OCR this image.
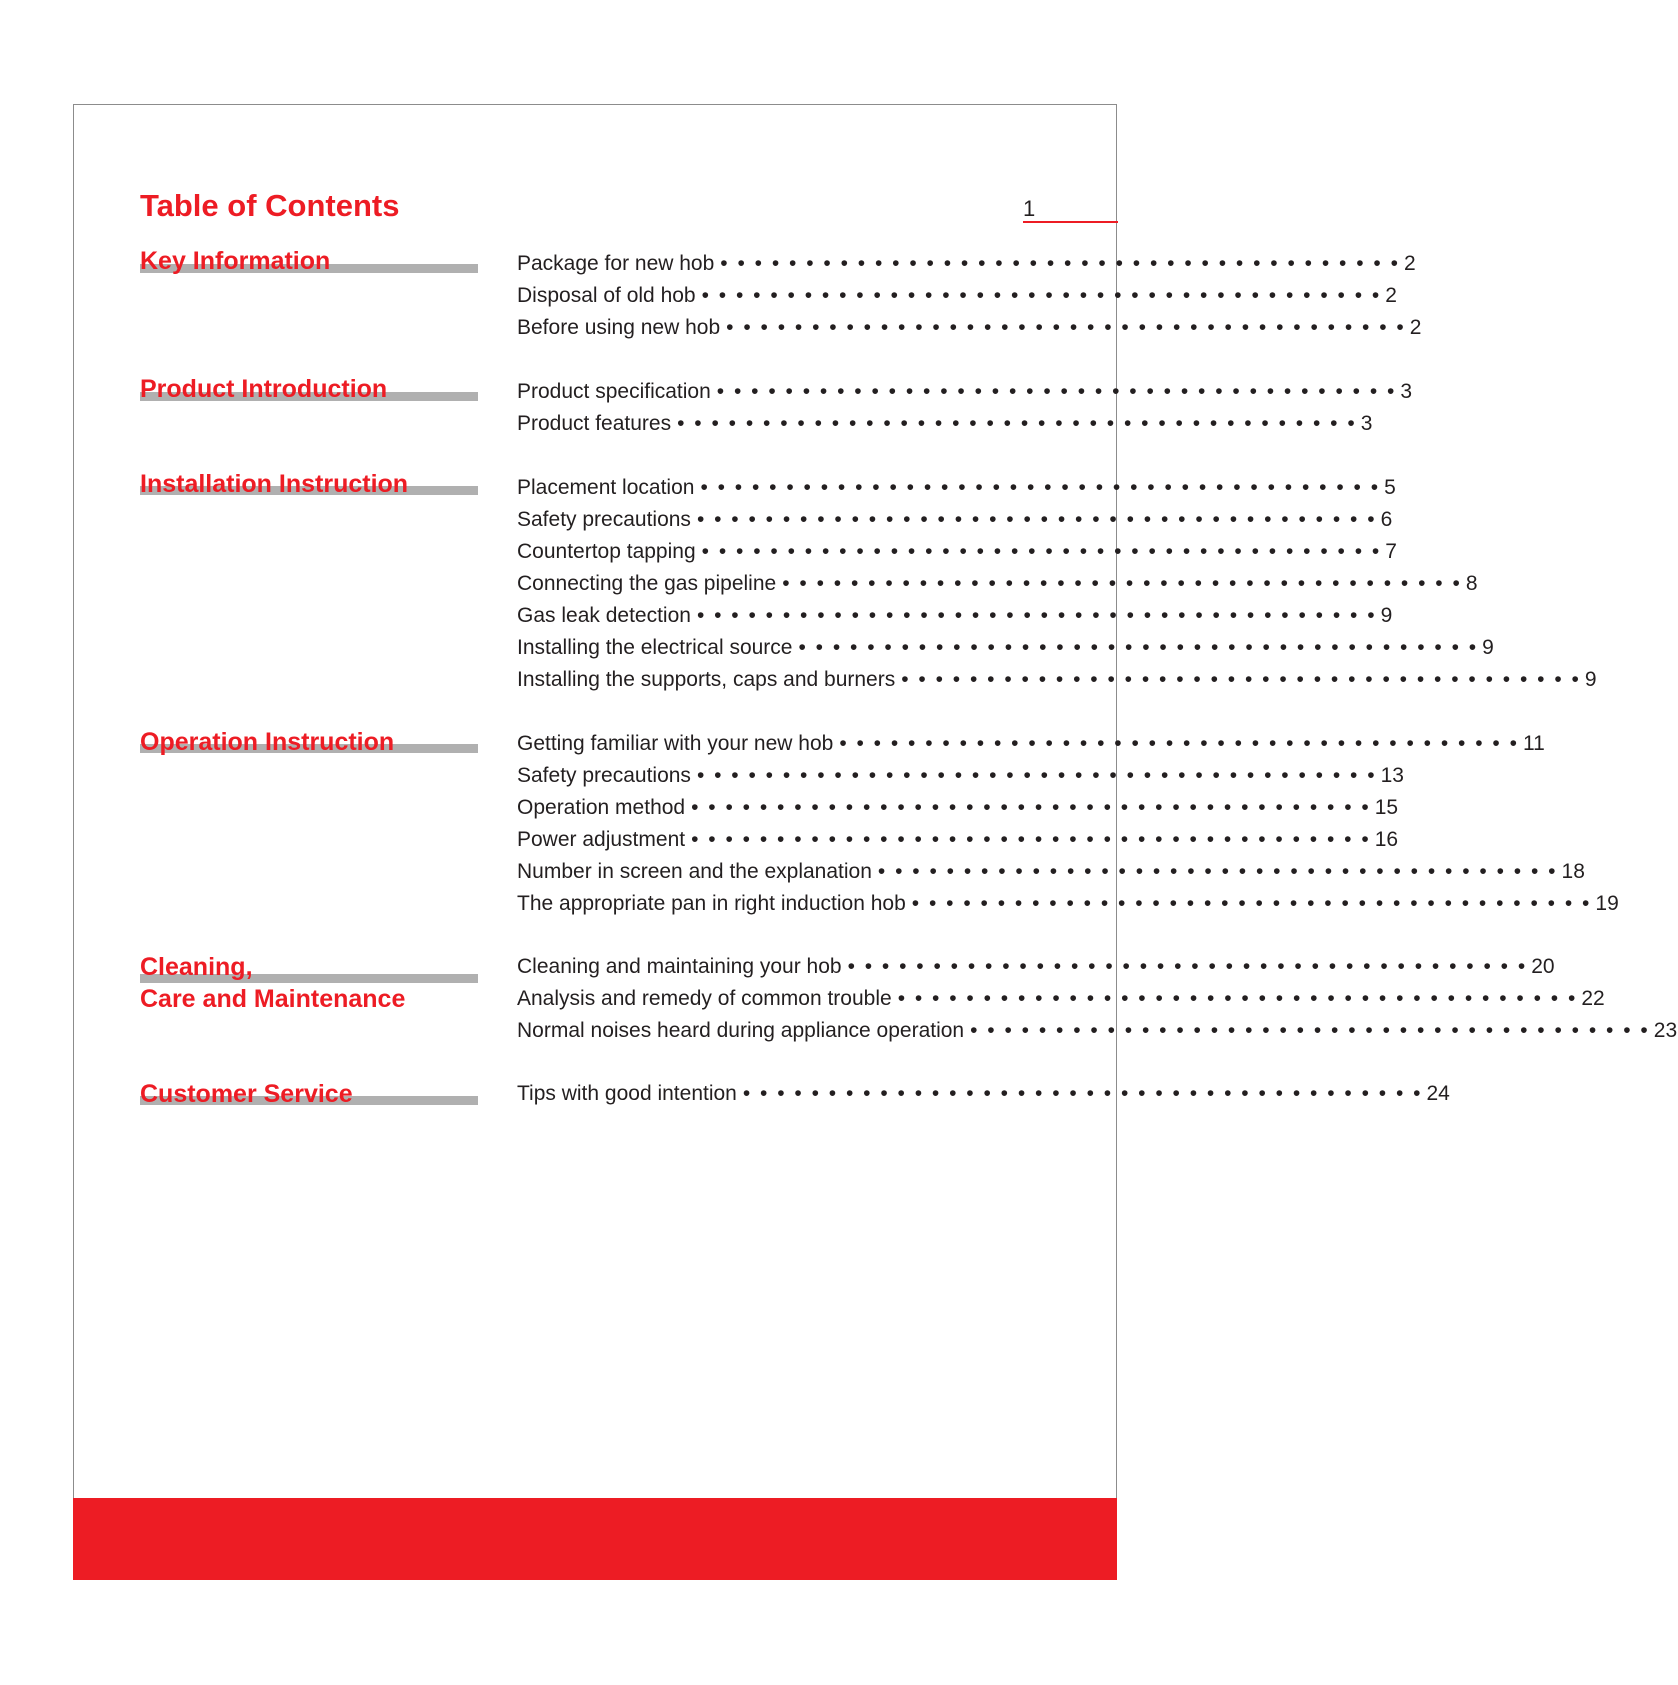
Table of Contents	1
Key Information	Package for new hob • • • • • • • • • • • • • • • • • • • • • • • • • • • • • • • • • • • • • • • • 2
Disposal of old hob • • • • • • • • • • • • • • • • • • • • • • • • • • • • • • • • • • • • • • • • 2
Before using new hob • • • • • • • • • • • • • • • • • • • • • • • • • • • • • • • • • • • • • • • • 2
Product Introduction	Product specification • • • • • • • • • • • • • • • • • • • • • • • • • • • • • • • • • • • • • • • • 3
Product features • • • • • • • • • • • • • • • • • • • • • • • • • • • • • • • • • • • • • • • • 3
Installation Instruction	Placement location • • • • • • • • • • • • • • • • • • • • • • • • • • • • • • • • • • • • • • • • 5
Safety precautions • • • • • • • • • • • • • • • • • • • • • • • • • • • • • • • • • • • • • • • • 6
Countertop tapping • • • • • • • • • • • • • • • • • • • • • • • • • • • • • • • • • • • • • • • • 7
Connecting the gas pipeline • • • • • • • • • • • • • • • • • • • • • • • • • • • • • • • • • • • • • • • • 8
Gas leak detection • • • • • • • • • • • • • • • • • • • • • • • • • • • • • • • • • • • • • • • • 9
Installing the electrical source • • • • • • • • • • • • • • • • • • • • • • • • • • • • • • • • • • • • • • • • 9
Installing the supports, caps and burners • • • • • • • • • • • • • • • • • • • • • • • • • • • • • • • • • • • • • • • • 9
Operation Instruction	Getting familiar with your new hob • • • • • • • • • • • • • • • • • • • • • • • • • • • • • • • • • • • • • • • • 11
Safety precautions • • • • • • • • • • • • • • • • • • • • • • • • • • • • • • • • • • • • • • • • 13
Operation method • • • • • • • • • • • • • • • • • • • • • • • • • • • • • • • • • • • • • • • • 15
Power adjustment • • • • • • • • • • • • • • • • • • • • • • • • • • • • • • • • • • • • • • • • 16
Number in screen and the explanation • • • • • • • • • • • • • • • • • • • • • • • • • • • • • • • • • • • • • • • • 18
The appropriate pan in right induction hob • • • • • • • • • • • • • • • • • • • • • • • • • • • • • • • • • • • • • • • • 19
Cleaning,
Care and Maintenance
Cleaning and maintaining your hob • • • • • • • • • • • • • • • • • • • • • • • • • • • • • • • • • • • • • • • • 20
Analysis and remedy of common trouble • • • • • • • • • • • • • • • • • • • • • • • • • • • • • • • • • • • • • • • • 22
Normal noises heard during appliance operation • • • • • • • • • • • • • • • • • • • • • • • • • • • • • • • • • • • • • • • • 23
Customer Service	Tips with good intention • • • • • • • • • • • • • • • • • • • • • • • • • • • • • • • • • • • • • • • • 24
